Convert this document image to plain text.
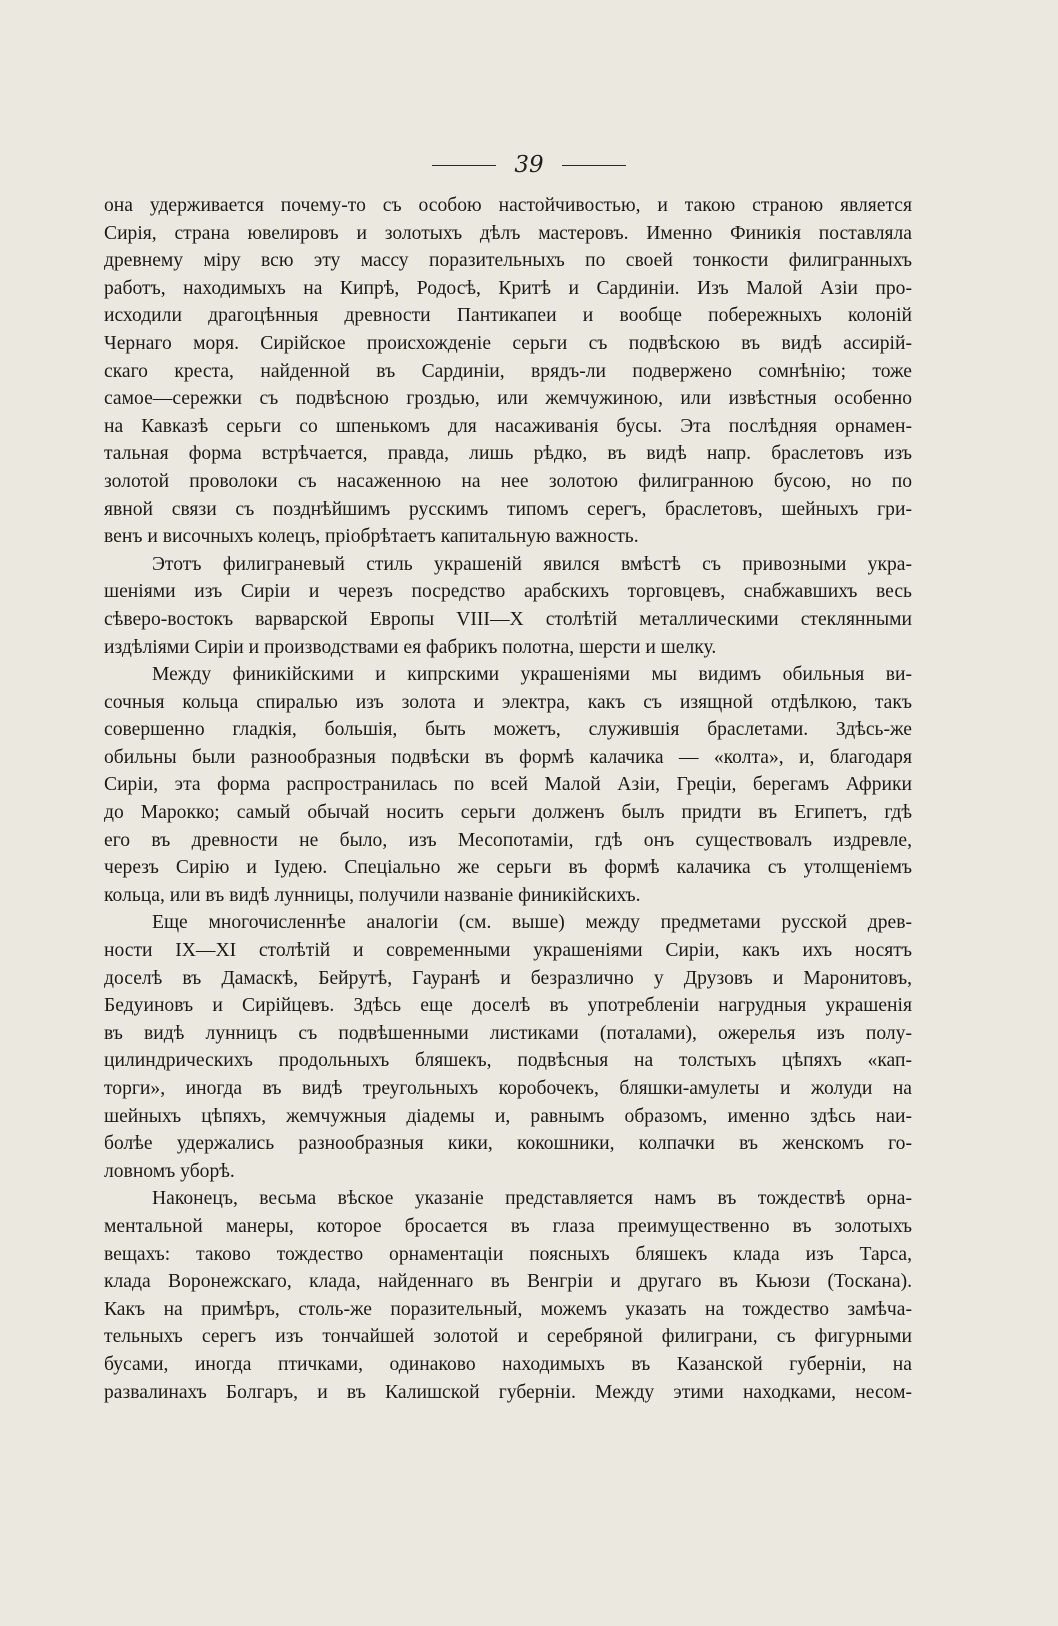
39
она удерживается почему-то съ особою настойчивостью, и такою страною является
Сирія, страна ювелировъ и золотыхъ дѣлъ мастеровъ. Именно Финикія поставляла
древнему міру всю эту массу поразительныхъ по своей тонкости филигранныхъ
работъ, находимыхъ на Кипрѣ, Родосѣ, Критѣ и Сардиніи. Изъ Малой Азіи про-
исходили драгоцѣнныя древности Пантикапеи и вообще побережныхъ колоній
Чернаго моря. Сирійское происхожденіе серьги съ подвѣскою въ видѣ ассирій-
скаго креста, найденной въ Сардиніи, врядъ-ли подвержено сомнѣнію; тоже
самое—сережки съ подвѣсною гроздью, или жемчужиною, или извѣстныя особенно
на Кавказѣ серьги со шпенькомъ для насаживанія бусы. Эта послѣдняя орнамен-
тальная форма встрѣчается, правда, лишь рѣдко, въ видѣ напр. браслетовъ изъ
золотой проволоки съ насаженною на нее золотою филигранною бусою, но по
явной связи съ позднѣйшимъ русскимъ типомъ серегъ, браслетовъ, шейныхъ гри-
венъ и височныхъ колецъ, пріобрѣтаетъ капитальную важность.
Этотъ филиграневый стиль украшеній явился вмѣстѣ съ привозными укра-
шеніями изъ Сиріи и черезъ посредство арабскихъ торговцевъ, снабжавшихъ весь
сѣверо-востокъ варварской Европы VIII—X столѣтій металлическими стеклянными
издѣліями Сиріи и производствами ея фабрикъ полотна, шерсти и шелку.
Между финикійскими и кипрскими украшеніями мы видимъ обильныя ви-
сочныя кольца спиралью изъ золота и электра, какъ съ изящной отдѣлкою, такъ
совершенно гладкія, большія, быть можетъ, служившія браслетами. Здѣсь-же
обильны были разнообразныя подвѣски въ формѣ калачика — «колта», и, благодаря
Сиріи, эта форма распространилась по всей Малой Азіи, Греціи, берегамъ Африки
до Марокко; самый обычай носить серьги долженъ былъ придти въ Египетъ, гдѣ
его въ древности не было, изъ Месопотаміи, гдѣ онъ существовалъ издревле,
черезъ Сирію и Іудею. Спеціально же серьги въ формѣ калачика съ утолщеніемъ
кольца, или въ видѣ лунницы, получили названіе финикійскихъ.
Еще многочисленнѣе аналогіи (см. выше) между предметами русской древ-
ности IX—XI столѣтій и современными украшеніями Сиріи, какъ ихъ носятъ
доселѣ въ Дамаскѣ, Бейрутѣ, Гауранѣ и безразлично у Друзовъ и Маронитовъ,
Бедуиновъ и Сирійцевъ. Здѣсь еще доселѣ въ употребленіи нагрудныя украшенія
въ видѣ лунницъ съ подвѣшенными листиками (поталами), ожерелья изъ полу-
цилиндрическихъ продольныхъ бляшекъ, подвѣсныя на толстыхъ цѣпяхъ «кап-
торги», иногда въ видѣ треугольныхъ коробочекъ, бляшки-амулеты и жолуди на
шейныхъ цѣпяхъ, жемчужныя діадемы и, равнымъ образомъ, именно здѣсь наи-
болѣе удержались разнообразныя кики, кокошники, колпачки въ женскомъ го-
ловномъ уборѣ.
Наконецъ, весьма вѣское указаніе представляется намъ въ тождествѣ орна-
ментальной манеры, которое бросается въ глаза преимущественно въ золотыхъ
вещахъ: таково тождество орнаментаціи поясныхъ бляшекъ клада изъ Тарса,
клада Воронежскаго, клада, найденнаго въ Венгріи и другаго въ Кьюзи (Тоскана).
Какъ на примѣръ, столь-же поразительный, можемъ указать на тождество замѣча-
тельныхъ серегъ изъ тончайшей золотой и серебряной филиграни, съ фигурными
бусами, иногда птичками, одинаково находимыхъ въ Казанской губерніи, на
развалинахъ Болгаръ, и въ Калишской губерніи. Между этими находками, несом-
